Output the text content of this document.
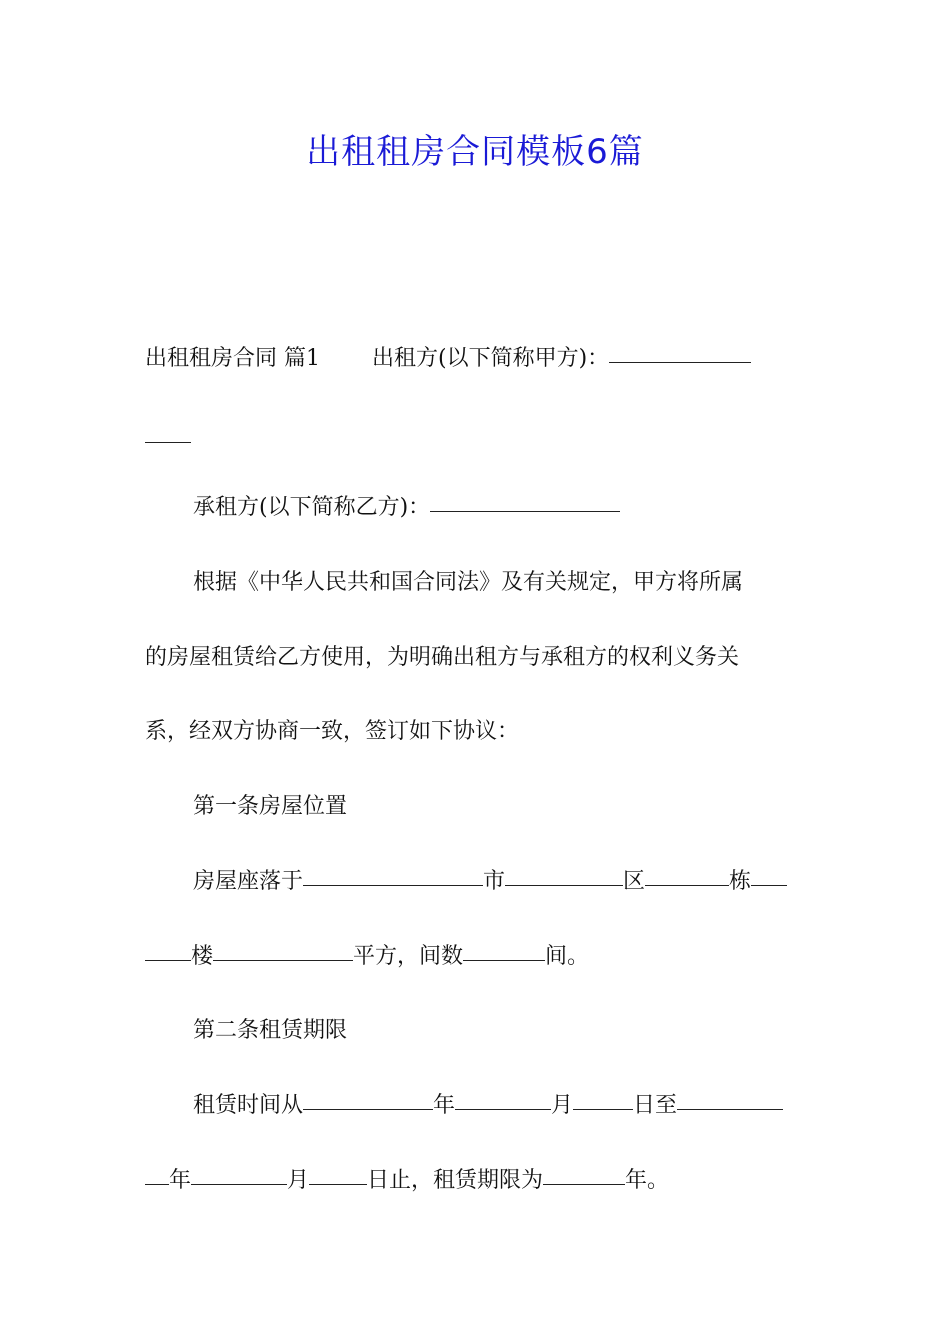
出租租房合同模板6篇
出租租房合同 篇1 出租方(以下简称甲方)：
承租方(以下简称乙方)：
根据《中华人民共和国合同法》及有关规定，甲方将所属
的房屋租赁给乙方使用，为明确出租方与承租方的权利义务关
系，经双方协商一致，签订如下协议：
第一条房屋位置
房屋座落于	市	区	栋
楼	平方，间数	间。
第二条租赁期限
租赁时间从	年	月	日至
年	月	日止，租赁期限为	年。
